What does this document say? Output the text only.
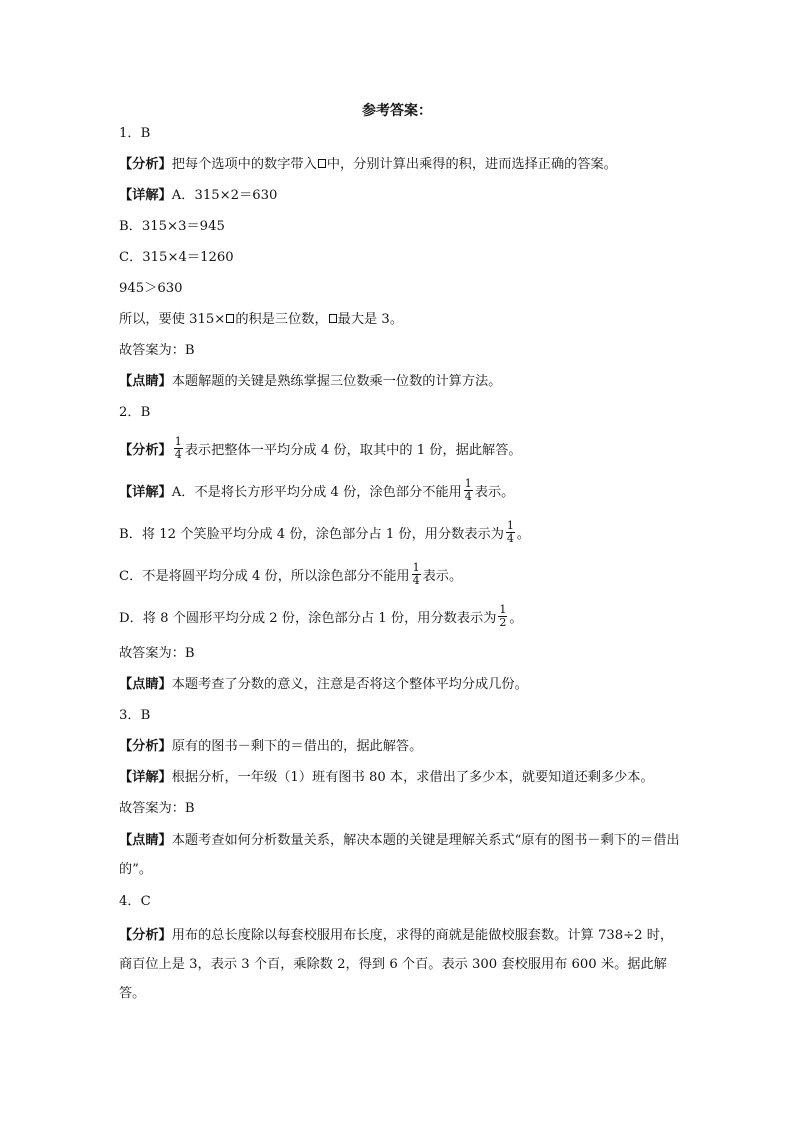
参考答案：
1．B
【分析】把每个选项中的数字带入 中，分别计算出乘得的积，进而选择正确的答案。
【详解】A．315×2＝630
B．315×3＝945
C．315×4＝1260
945＞630
所以，要使 315× 的积是三位数， 最大是 3。
故答案为：B
【点睛】本题解题的关键是熟练掌握三位数乘一位数的计算方法。
2．B
【分析】 $\frac{1}{4}$ 表示把整体一平均分成 4 份，取其中的 1 份，据此解答。
【详解】A．不是将长方形平均分成 4 份，涂色部分不能用 $\frac{1}{4}$ 表示。
B．将 12 个笑脸平均分成 4 份，涂色部分占 1 份，用分数表示为 $\frac{1}{4}$ 。
C．不是将圆平均分成 4 份，所以涂色部分不能用 $\frac{1}{4}$ 表示。
D．将 8 个圆形平均分成 2 份，涂色部分占 1 份，用分数表示为 $\frac{1}{2}$ 。
故答案为：B
【点睛】本题考查了分数的意义，注意是否将这个整体平均分成几份。
3．B
【分析】原有的图书－剩下的＝借出的，据此解答。
【详解】根据分析，一年级（1）班有图书 80 本，求借出了多少本，就要知道还剩多少本。
故答案为：B
【点睛】本题考查如何分析数量关系，解决本题的关键是理解关系式“原有的图书－剩下的＝借出的”。
4．C
【分析】用布的总长度除以每套校服用布长度，求得的商就是能做校服套数。计算 738÷2 时，商百位上是 3，表示 3 个百，乘除数 2，得到 6 个百。表示 300 套校服用布 600 米。据此解答。
